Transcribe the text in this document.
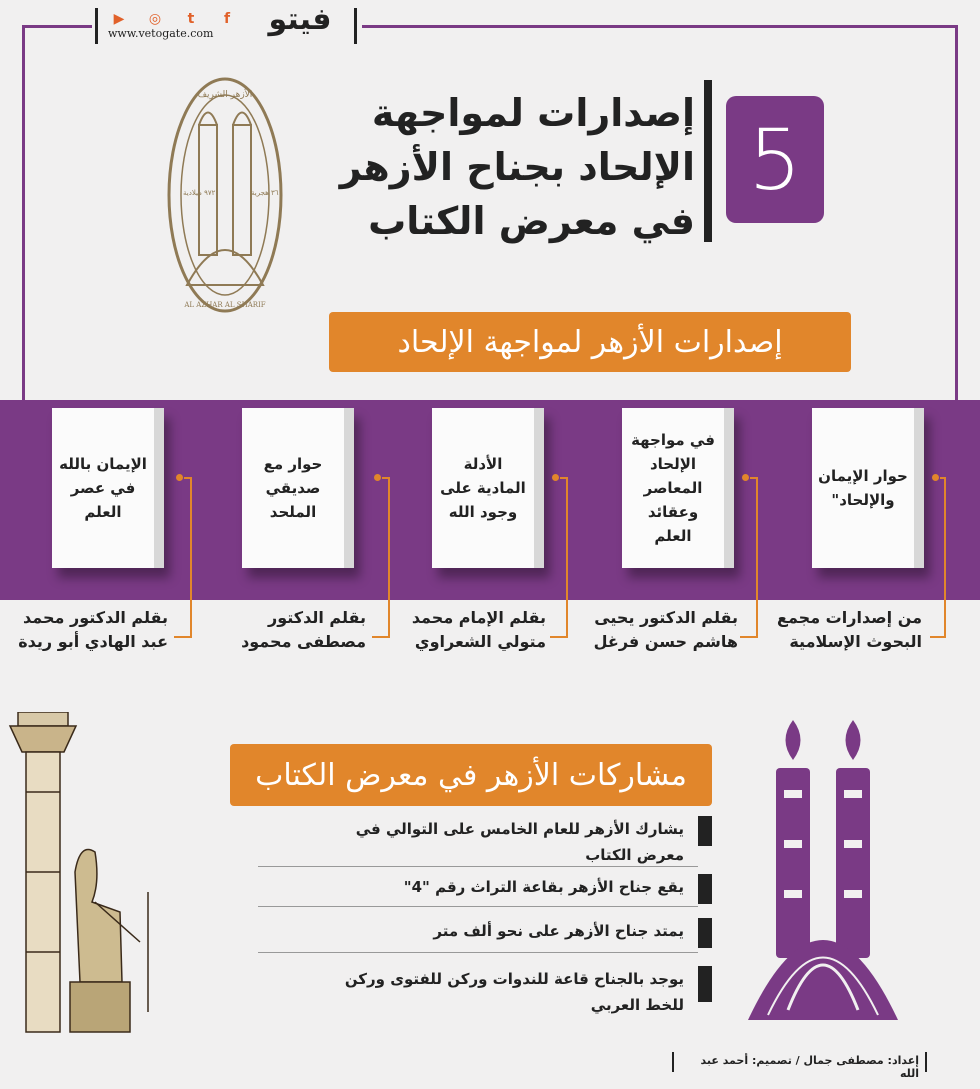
فيتو
▶	◎	t	f
www.vetogate.com
5
إصدارات لمواجهة
الإلحاد بجناح الأزهر
في معرض الكتاب
الأزهر الشريف
AL AZHAR AL SHARIF
٩٧٢ ميلادية	٣٦١ هجرية
إصدارات الأزهر لمواجهة الإلحاد
حوار الإيمان والإلحاد"
في مواجهة الإلحاد المعاصر وعقائد العلم
الأدلة المادية على وجود الله
حوار مع صديقي الملحد
الإيمان بالله في عصر العلم
من إصدارات مجمع البحوث الإسلامية
بقلم الدكتور يحيى هاشم حسن فرغل
بقلم الإمام محمد متولي الشعراوي
بقلم الدكتور مصطفى محمود
بقلم الدكتور محمد عبد الهادي أبو ريدة
مشاركات الأزهر في معرض الكتاب
يشارك الأزهر للعام الخامس على التوالي في معرض الكتاب
يقع جناح الأزهر بقاعة التراث رقم "4"
يمتد جناح الأزهر على نحو ألف متر
يوجد بالجناح قاعة للندوات وركن للفتوى وركن للخط العربي
إعداد: مصطفى جمال / تصميم: أحمد عبد الله
